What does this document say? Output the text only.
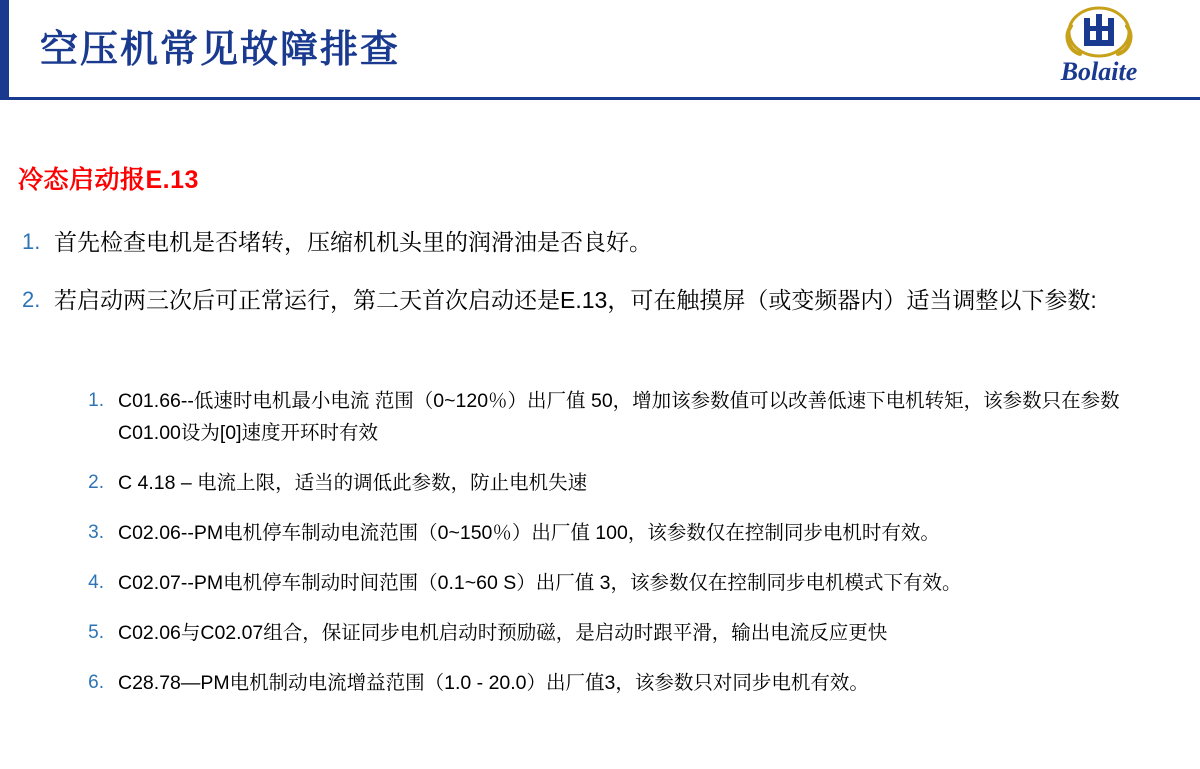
空压机常见故障排查
Bolaite
冷态启动报E.13
1. 首先检查电机是否堵转，压缩机机头里的润滑油是否良好。
2. 若启动两三次后可正常运行，第二天首次启动还是E.13，可在触摸屏（或变频器内）适当调整以下参数:
1. C01.66--低速时电机最小电流 范围（0~120％）出厂值 50，增加该参数值可以改善低速下电机转矩，该参数只在参数C01.00设为[0]速度开环时有效
2. C 4.18 – 电流上限，适当的调低此参数，防止电机失速
3. C02.06--PM电机停车制动电流范围（0~150％）出厂值 100，该参数仅在控制同步电机时有效。
4. C02.07--PM电机停车制动时间范围（0.1~60 S）出厂值 3，该参数仅在控制同步电机模式下有效。
5. C02.06与C02.07组合，保证同步电机启动时预励磁，是启动时跟平滑，输出电流反应更快
6. C28.78—PM电机制动电流增益范围（1.0 - 20.0）出厂值3，该参数只对同步电机有效。
